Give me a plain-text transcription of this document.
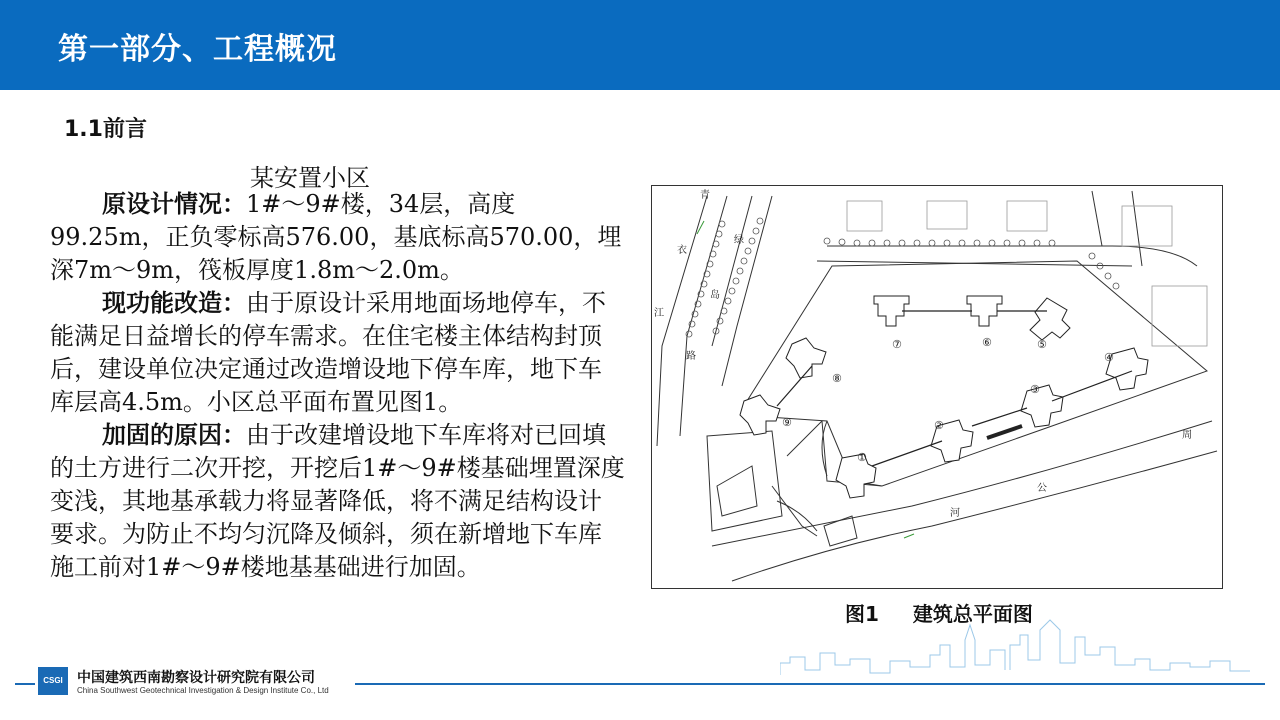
第一部分、工程概况
1.1前言
某安置小区

原设计情况：1#～9#楼，34层，高度99.25m，正负零标高576.00，基底标高570.00，埋深7m～9m，筏板厚度1.8m～2.0m。

现功能改造：由于原设计采用地面场地停车，不能满足日益增长的停车需求。在住宅楼主体结构封顶后，建设单位决定通过改造增设地下停车库，地下车库层高4.5m。小区总平面布置见图1。

加固的原因：由于改建增设地下车库将对已回填的土方进行二次开挖，开挖后1#～9#楼基础埋置深度变浅，其地基承载力将显著降低，将不满足结构设计要求。为防止不均匀沉降及倾斜，须在新增地下车库施工前对1#～9#楼地基基础进行加固。

①
②
③
④
⑤
⑥
⑦
⑧
⑨
青
衣
绿
江
岛
路
周
公
河
图1 建筑总平面图
CSGI	中国建筑西南勘察设计研究院有限公司
China Southwest Geotechnical Investigation & Design Institute Co., Ltd
